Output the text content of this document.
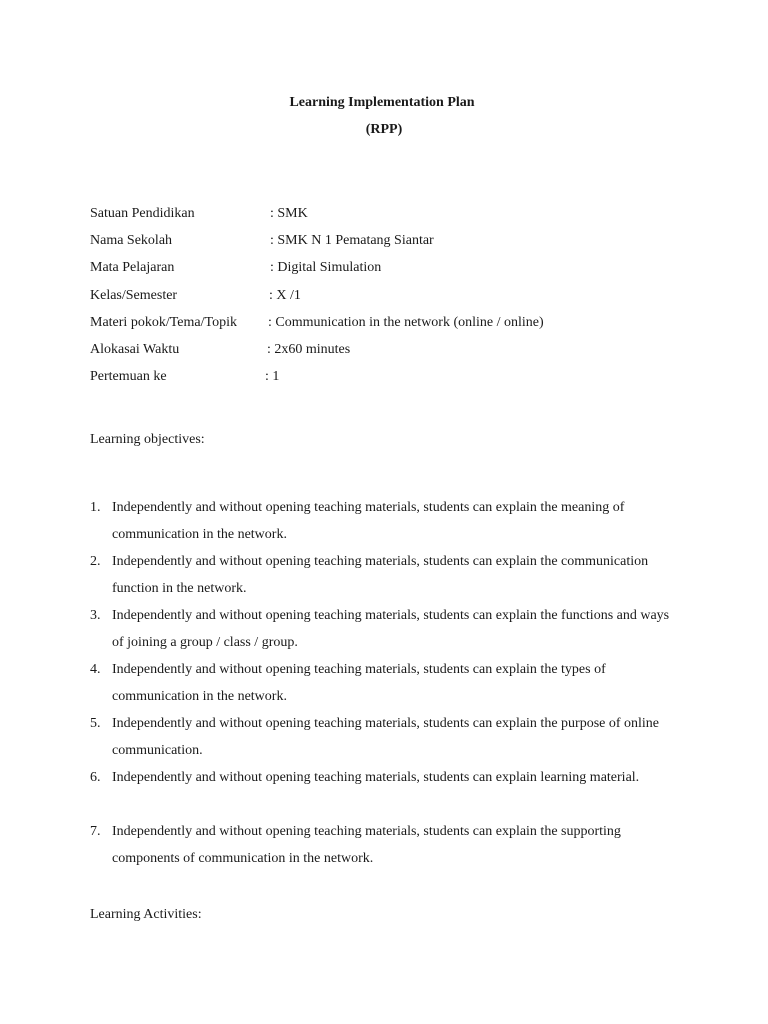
Learning Implementation Plan
(RPP)
Satuan Pendidikan	: SMK
Nama Sekolah	: SMK N 1 Pematang Siantar
Mata Pelajaran	: Digital Simulation
Kelas/Semester	: X /1
Materi pokok/Tema/Topik : Communication in the network (online / online)
Alokasai Waktu	: 2x60 minutes
Pertemuan ke	: 1
Learning objectives:
1. Independently and without opening teaching materials, students can explain the meaning of communication in the network.
2. Independently and without opening teaching materials, students can explain the communication function in the network.
3. Independently and without opening teaching materials, students can explain the functions and ways of joining a group / class / group.
4. Independently and without opening teaching materials, students can explain the types of communication in the network.
5. Independently and without opening teaching materials, students can explain the purpose of online communication.
6. Independently and without opening teaching materials, students can explain learning material.
7. Independently and without opening teaching materials, students can explain the supporting components of communication in the network.
Learning Activities:
